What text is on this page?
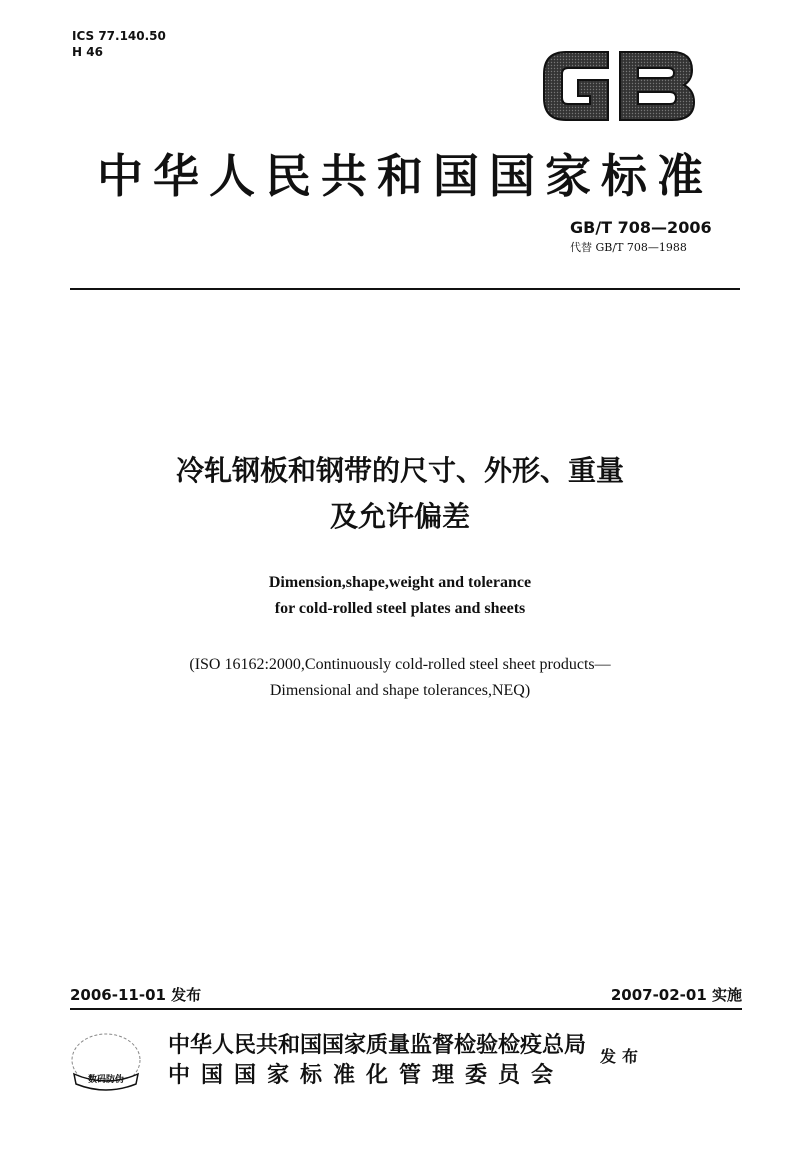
ICS 77.140.50
H 46
GB
中华人民共和国国家标准
GB/T 708—2006
代替 GB/T 708—1988
冷轧钢板和钢带的尺寸、外形、重量
及允许偏差
Dimension,shape,weight and tolerance
for cold-rolled steel plates and sheets
(ISO 16162:2000,Continuously cold-rolled steel sheet products—
Dimensional and shape tolerances,NEQ)
2006-11-01 发布	2007-02-01 实施
数码防伪
中华人民共和国国家质量监督检验检疫总局
中国国家标准化管理委员会
发布
